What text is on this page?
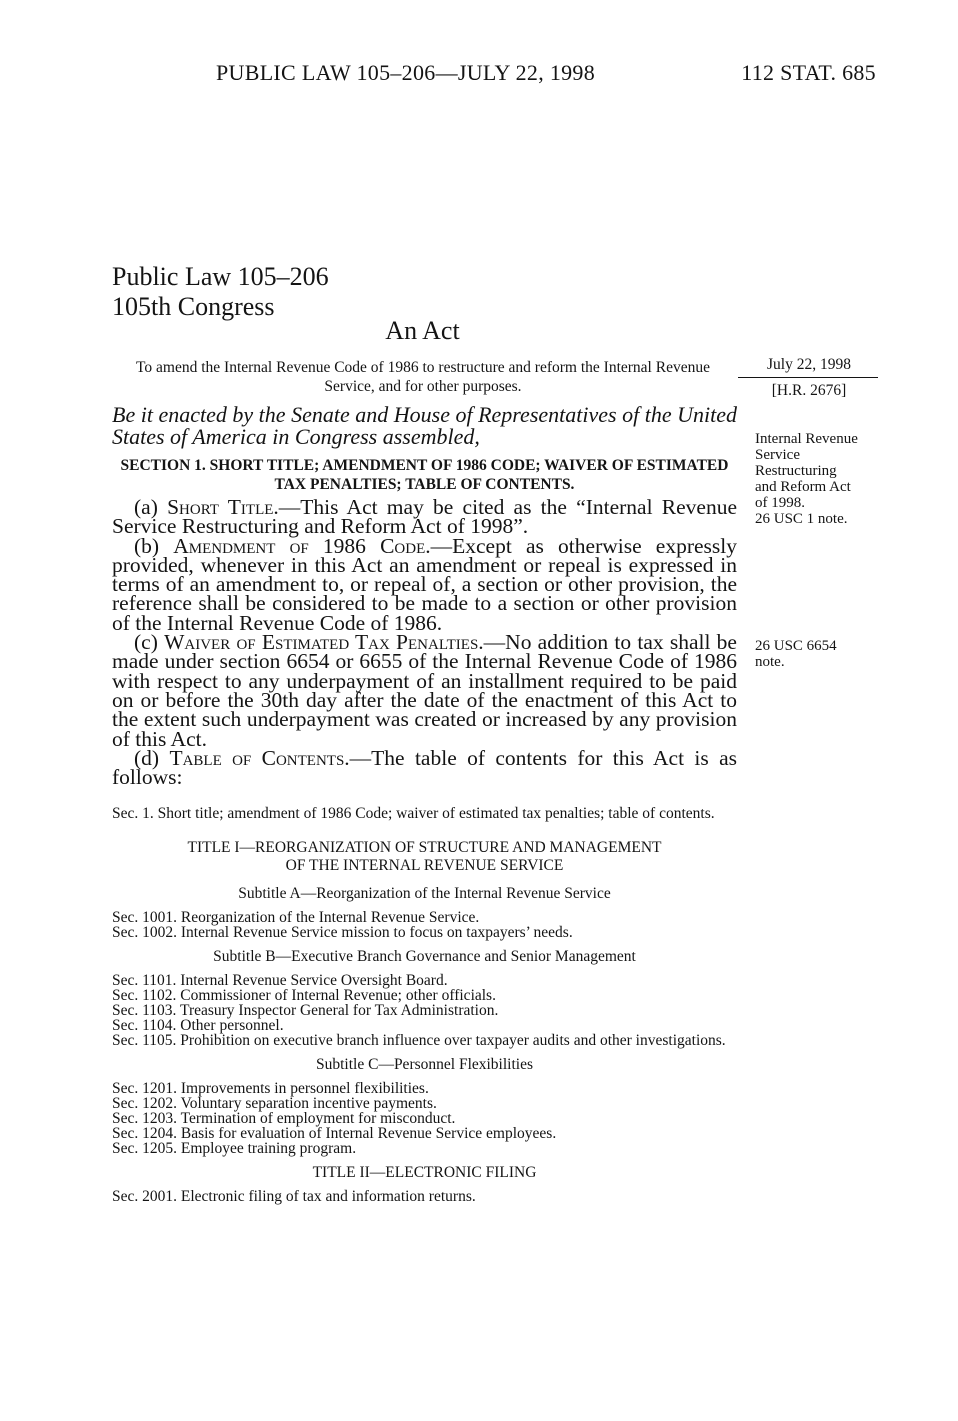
PUBLIC LAW 105–206—JULY 22, 1998	112 STAT. 685
Public Law 105–206
105th Congress
An Act
To amend the Internal Revenue Code of 1986 to restructure and reform the Internal Revenue Service, and for other purposes.
July 22, 1998
[H.R. 2676]
Internal Revenue
Service
Restructuring
and Reform Act
of 1998.
26 USC 1 note.
26 USC 6654
note.
Be it enacted by the Senate and House of Representatives of the United States of America in Congress assembled,
SECTION 1. SHORT TITLE; AMENDMENT OF 1986 CODE; WAIVER OF ESTIMATED TAX PENALTIES; TABLE OF CONTENTS.

(a) Short Title.—This Act may be cited as the “Internal Revenue Service Restructuring and Reform Act of 1998”.

(b) Amendment of 1986 Code.—Except as otherwise expressly provided, whenever in this Act an amendment or repeal is expressed in terms of an amendment to, or repeal of, a section or other provision, the reference shall be considered to be made to a section or other provision of the Internal Revenue Code of 1986.

(c) Waiver of Estimated Tax Penalties.—No addition to tax shall be made under section 6654 or 6655 of the Internal Revenue Code of 1986 with respect to any underpayment of an installment required to be paid on or before the 30th day after the date of the enactment of this Act to the extent such underpayment was created or increased by any provision of this Act.

(d) Table of Contents.—The table of contents for this Act is as follows:

Sec. 1. Short title; amendment of 1986 Code; waiver of estimated tax penalties; table of contents.
TITLE I—REORGANIZATION OF STRUCTURE AND MANAGEMENT OF THE INTERNAL REVENUE SERVICE
Subtitle A—Reorganization of the Internal Revenue Service
Sec. 1001. Reorganization of the Internal Revenue Service.
Sec. 1002. Internal Revenue Service mission to focus on taxpayers’ needs.
Subtitle B—Executive Branch Governance and Senior Management
Sec. 1101. Internal Revenue Service Oversight Board.
Sec. 1102. Commissioner of Internal Revenue; other officials.
Sec. 1103. Treasury Inspector General for Tax Administration.
Sec. 1104. Other personnel.
Sec. 1105. Prohibition on executive branch influence over taxpayer audits and other investigations.
Subtitle C—Personnel Flexibilities
Sec. 1201. Improvements in personnel flexibilities.
Sec. 1202. Voluntary separation incentive payments.
Sec. 1203. Termination of employment for misconduct.
Sec. 1204. Basis for evaluation of Internal Revenue Service employees.
Sec. 1205. Employee training program.
TITLE II—ELECTRONIC FILING
Sec. 2001. Electronic filing of tax and information returns.
